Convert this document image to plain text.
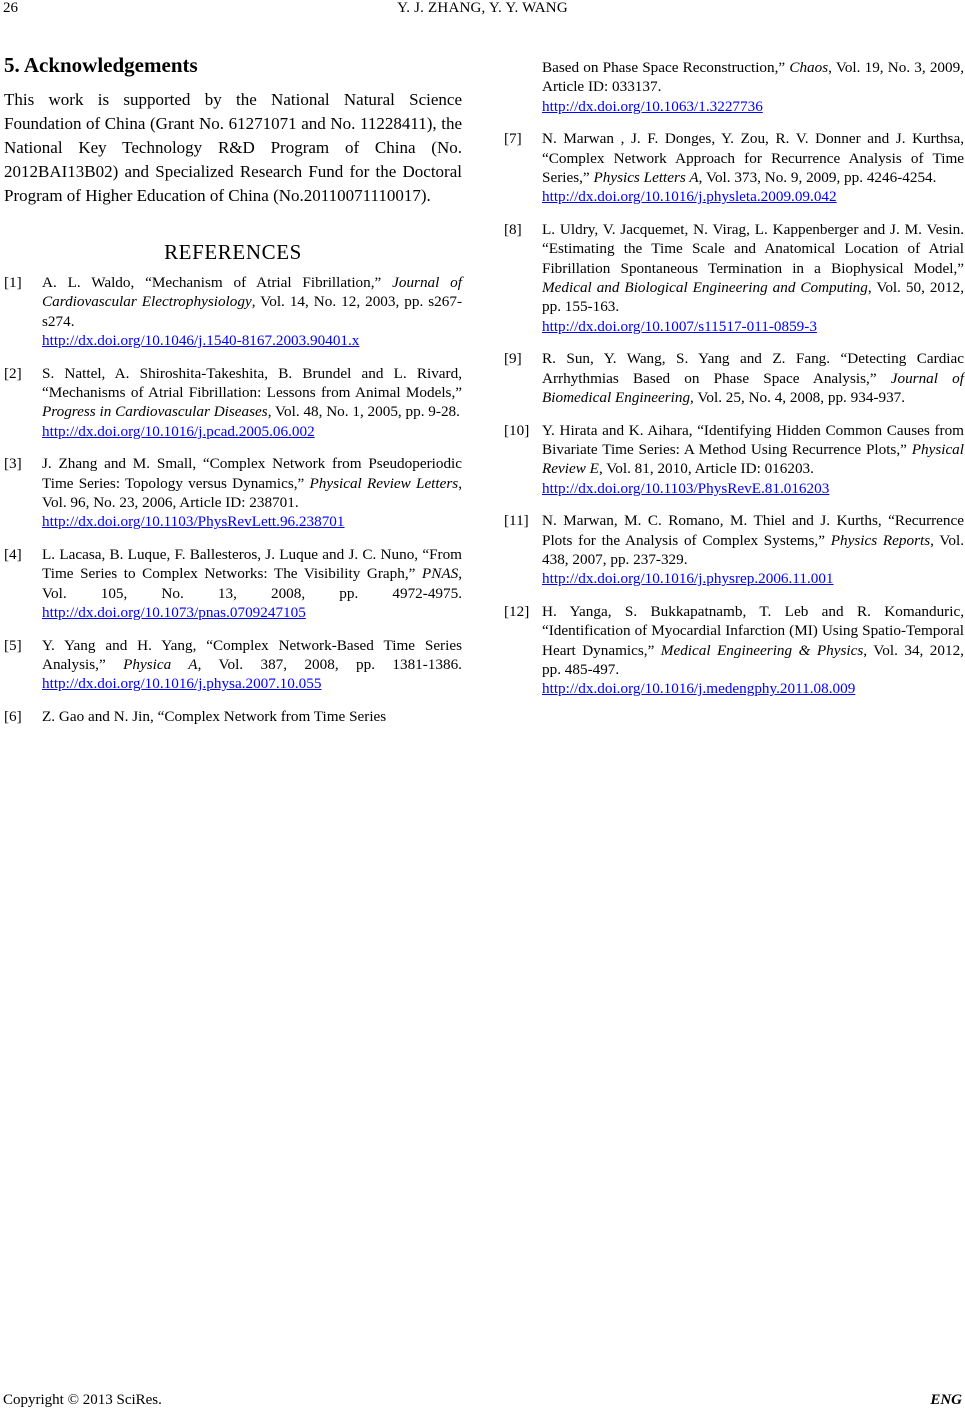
26	Y. J. ZHANG, Y. Y. WANG
5. Acknowledgements

This work is supported by the National Natural Science Foundation of China (Grant No. 61271071 and No. 11228411), the National Key Technology R&D Program of China (No. 2012BAI13B02) and Specialized Research Fund for the Doctoral Program of Higher Education of China (No.20110071110017).

REFERENCES
[1]	A. L. Waldo, “Mechanism of Atrial Fibrillation,” Journal of Cardiovascular Electrophysiology, Vol. 14, No. 12, 2003, pp. s267-s274.
http://dx.doi.org/10.1046/j.1540-8167.2003.90401.x
[2]	S. Nattel, A. Shiroshita-Takeshita, B. Brundel and L. Rivard, “Mechanisms of Atrial Fibrillation: Lessons from Animal Models,” Progress in Cardiovascular Diseases, Vol. 48, No. 1, 2005, pp. 9-28.
http://dx.doi.org/10.1016/j.pcad.2005.06.002
[3]	J. Zhang and M. Small, “Complex Network from Pseudoperiodic Time Series: Topology versus Dynamics,” Physical Review Letters, Vol. 96, No. 23, 2006, Article ID: 238701.
http://dx.doi.org/10.1103/PhysRevLett.96.238701
[4]	L. Lacasa, B. Luque, F. Ballesteros, J. Luque and J. C. Nuno, “From Time Series to Complex Networks: The Visibility Graph,” PNAS, Vol. 105, No. 13, 2008, pp. 4972-4975. http://dx.doi.org/10.1073/pnas.0709247105
[5]	Y. Yang and H. Yang, “Complex Network-Based Time Series Analysis,” Physica A, Vol. 387, 2008, pp. 1381-1386. http://dx.doi.org/10.1016/j.physa.2007.10.055
[6]	Z. Gao and N. Jin, “Complex Network from Time Series
Based on Phase Space Reconstruction,” Chaos, Vol. 19, No. 3, 2009, Article ID: 033137.
http://dx.doi.org/10.1063/1.3227736
[7]	N. Marwan , J. F. Donges, Y. Zou, R. V. Donner and J. Kurthsa, “Complex Network Approach for Recurrence Analysis of Time Series,” Physics Letters A, Vol. 373, No. 9, 2009, pp. 4246-4254.
http://dx.doi.org/10.1016/j.physleta.2009.09.042
[8]	L. Uldry, V. Jacquemet, N. Virag, L. Kappenberger and J. M. Vesin. “Estimating the Time Scale and Anatomical Location of Atrial Fibrillation Spontaneous Termination in a Biophysical Model,” Medical and Biological Engineering and Computing, Vol. 50, 2012, pp. 155-163.
http://dx.doi.org/10.1007/s11517-011-0859-3
[9]	R. Sun, Y. Wang, S. Yang and Z. Fang. “Detecting Cardiac Arrhythmias Based on Phase Space Analysis,” Journal of Biomedical Engineering, Vol. 25, No. 4, 2008, pp. 934-937.
[10] Y. Hirata and K. Aihara, “Identifying Hidden Common Causes from Bivariate Time Series: A Method Using Recurrence Plots,” Physical Review E, Vol. 81, 2010, Article ID: 016203.
http://dx.doi.org/10.1103/PhysRevE.81.016203
[11] N. Marwan, M. C. Romano, M. Thiel and J. Kurths, “Recurrence Plots for the Analysis of Complex Systems,” Physics Reports, Vol. 438, 2007, pp. 237-329.
http://dx.doi.org/10.1016/j.physrep.2006.11.001
[12] H. Yanga, S. Bukkapatnamb, T. Leb and R. Komanduric, “Identification of Myocardial Infarction (MI) Using Spatio-Temporal Heart Dynamics,” Medical Engineering & Physics, Vol. 34, 2012, pp. 485-497.
http://dx.doi.org/10.1016/j.medengphy.2011.08.009
Copyright © 2013 SciRes.	ENG
